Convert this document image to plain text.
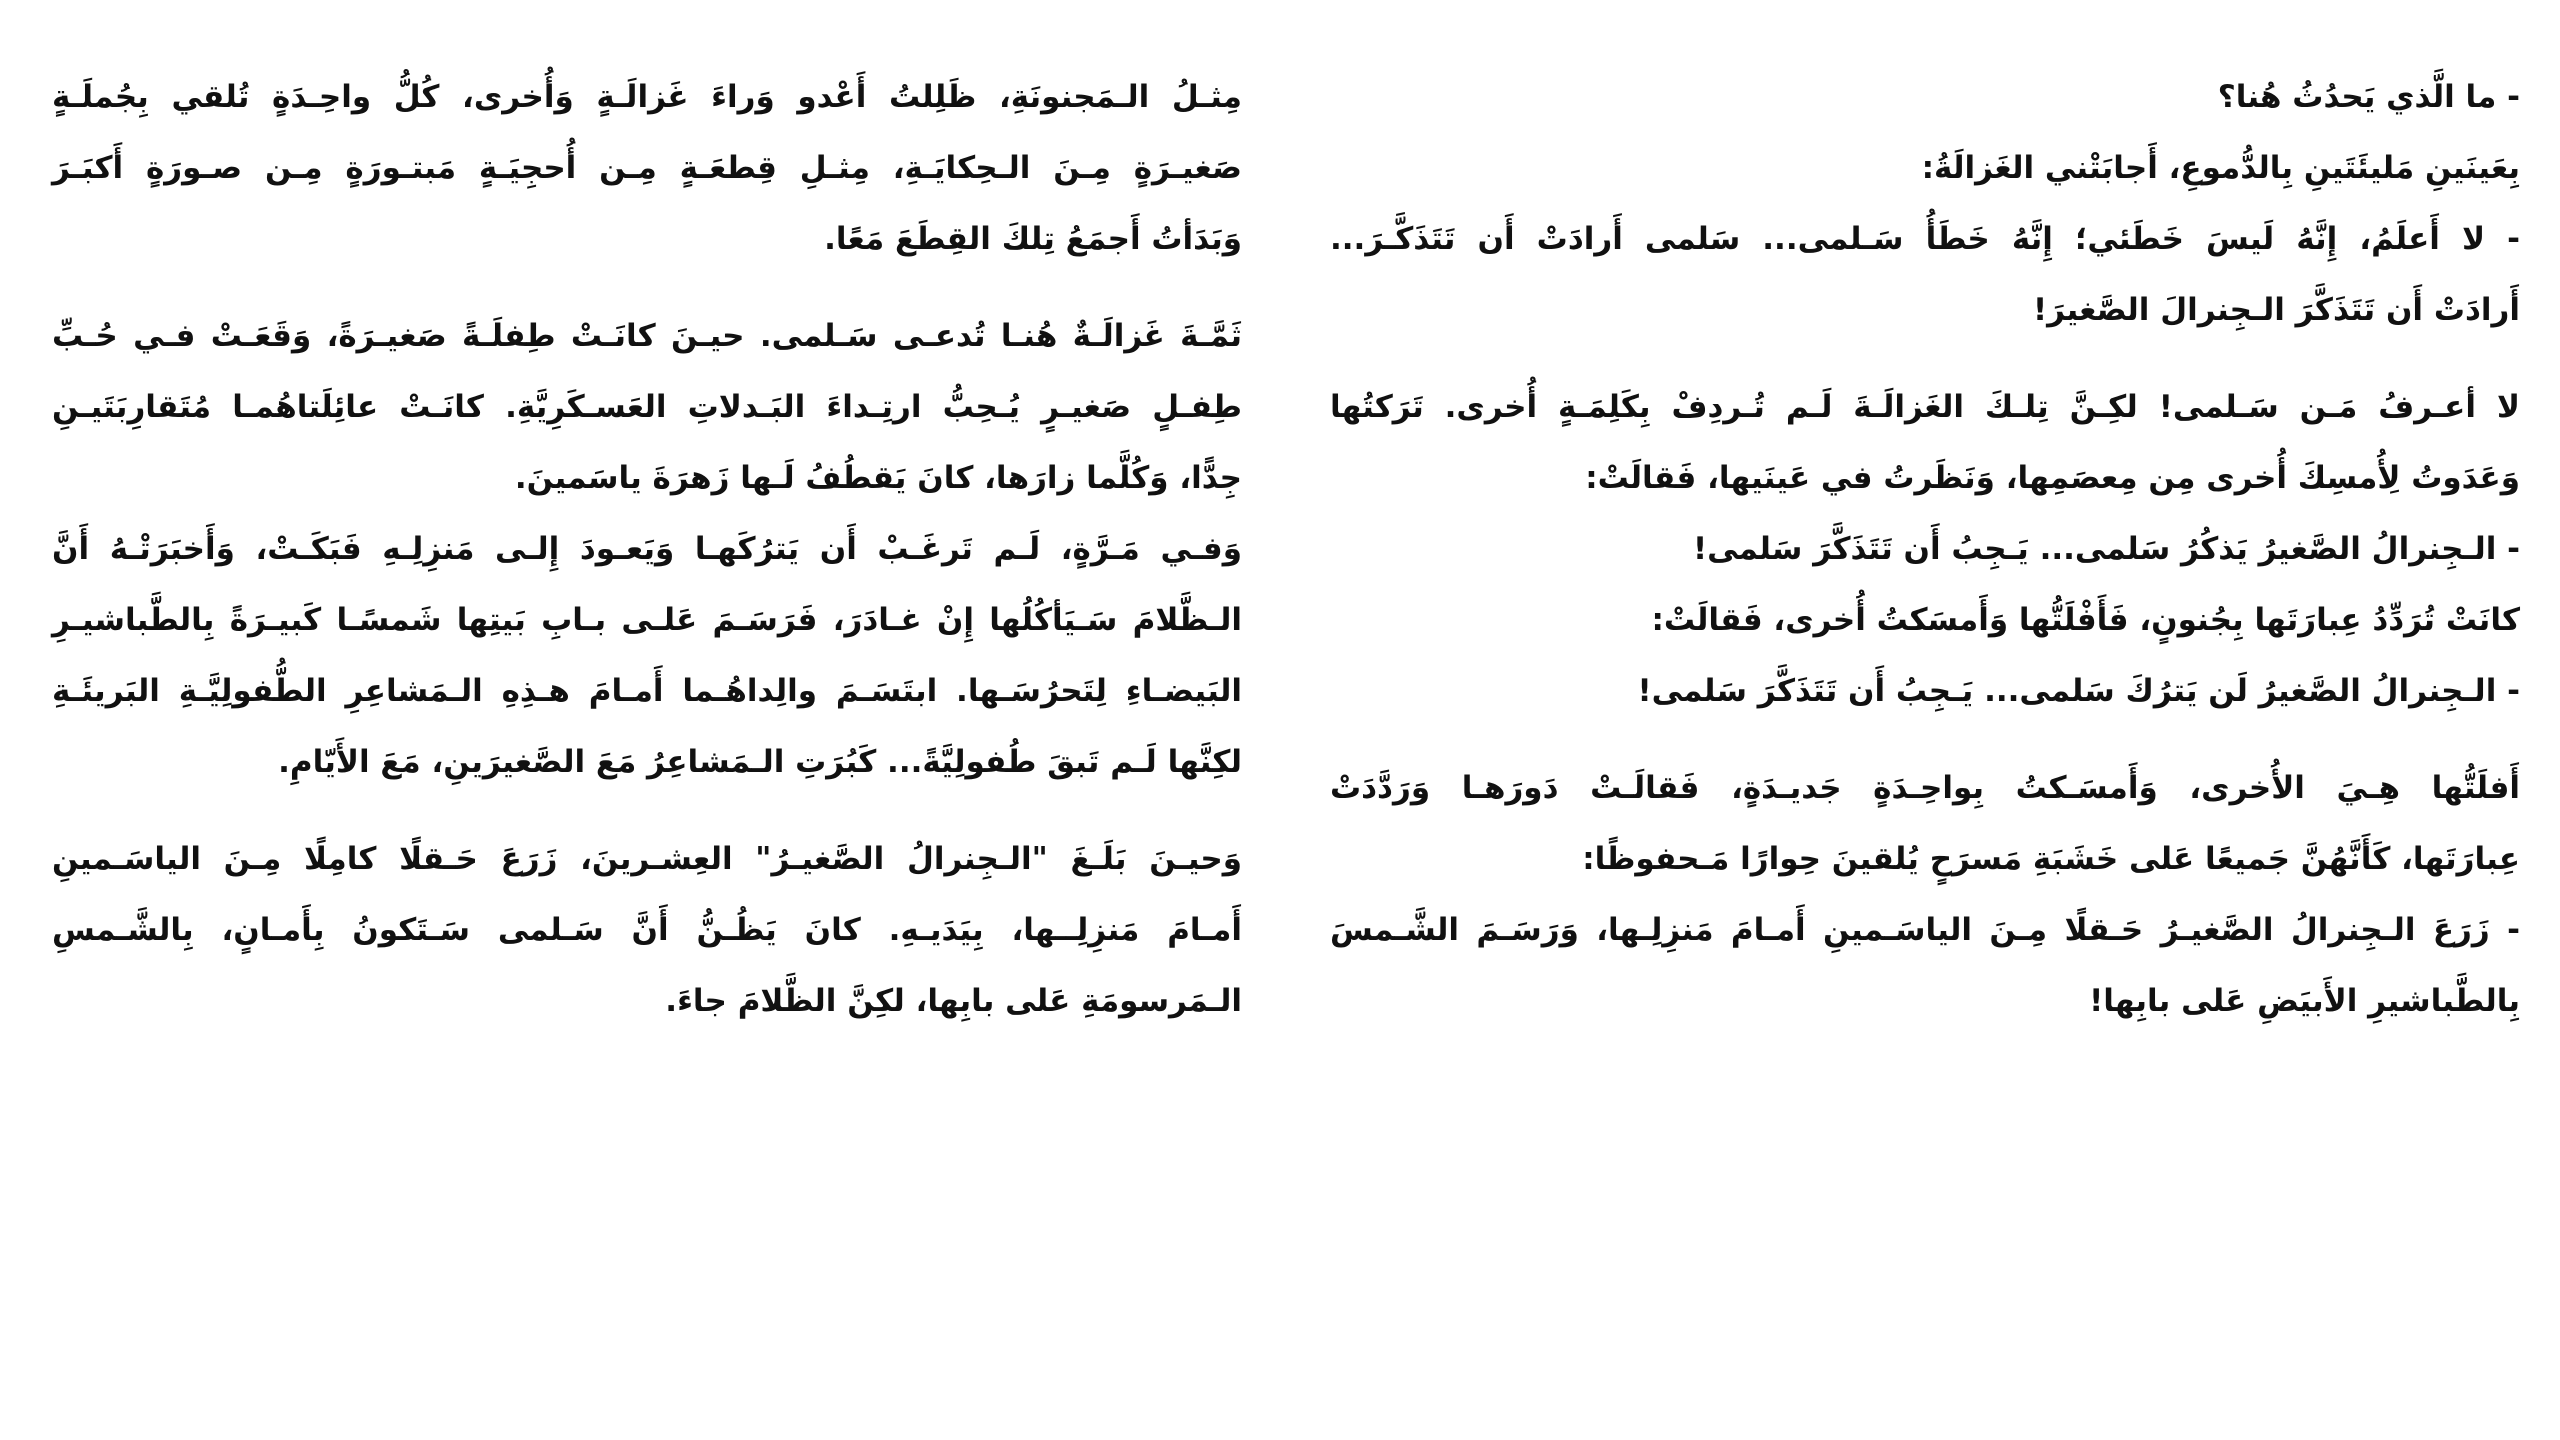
- ما الَّذي يَحدُثُ هُنا؟

بِعَينَينِ مَليئَتَينِ بِالدُّموعِ، أَجابَتْني الغَزالَةُ:

- لا أَعلَمُ، إِنَّهُ لَيسَ خَطَئي؛ إِنَّهُ خَطَأُ سَـلمى... سَلمى أَرادَتْ أَن تَتَذَكَّـرَ...
أَرادَتْ أَن تَتَذَكَّرَ الـجِنرالَ الصَّغيرَ!

لا أعـرفُ مَـن سَـلمى! لكِـنَّ تِلـكَ الغَزالَـةَ لَـم تُـردِفْ بِكَلِمَـةٍ أُخرى. تَرَكتُها
وَعَدَوتُ لِأُمسِكَ أُخرى مِن مِعصَمِها، وَنَظَرتُ في عَينَيها، فَقالَتْ:

- الـجِنرالُ الصَّغيرُ يَذكُرُ سَلمى... يَـجِبُ أَن تَتَذَكَّرَ سَلمى!

كانَتْ تُرَدِّدُ عِبارَتَها بِجُنونٍ، فَأَفْلَتُّها وَأَمسَكتُ أُخرى، فَقالَتْ:

- الـجِنرالُ الصَّغيرُ لَن يَترُكَ سَلمى... يَـجِبُ أَن تَتَذَكَّرَ سَلمى!

أَفلَتُّها هِـيَ الأُخرى، وَأَمسَـكتُ بِواحِـدَةٍ جَديـدَةٍ، فَقالَـتْ دَورَهـا وَرَدَّدَتْ
عِبارَتَها، كَأَنَّهُنَّ جَميعًا عَلى خَشَبَةِ مَسرَحٍ يُلقينَ حِوارًا مَـحفوظًا:

- زَرَعَ الـجِنرالُ الصَّغيـرُ حَـقلًا مِـنَ الياسَـمينِ أَمـامَ مَنزِلِـها، وَرَسَـمَ الشَّـمسَ
بِالطَّباشيرِ الأَبيَضِ عَلى بابِها!

مِثـلُ الـمَجنونَةِ، ظَلِلتُ أَعْدو وَراءَ غَزالَـةٍ وَأُخرى، كُلُّ واحِـدَةٍ تُلقي بِجُملَـةٍ
صَغيـرَةٍ مِـنَ الـحِكايَـةِ، مِثـلِ قِطعَـةٍ مِـن أُحجِيَـةٍ مَبتـورَةٍ مِـن صـورَةٍ أَكبَـرَ
وَبَدَأتُ أَجمَعُ تِلكَ القِطَعَ مَعًا.

ثَمَّـةَ غَزالَـةٌ هُنـا تُدعـى سَـلمى. حيـنَ كانَـتْ طِفلَـةً صَغيـرَةً، وَقَعَـتْ فـي حُـبِّ
طِفـلٍ صَغيـرٍ يُـحِبُّ ارتِـداءَ البَـدلاتِ العَسـكَرِيَّةِ. كانَـتْ عائِلَتاهُمـا مُتَقارِبَتَيـنِ
جِدًّا، وَكُلَّما زارَها، كانَ يَقطُفُ لَـها زَهرَةَ ياسَمينَ.

وَفـي مَـرَّةٍ، لَـم تَرغَـبْ أَن يَترُكَهـا وَيَعـودَ إِلـى مَنزِلِـهِ فَبَكَـتْ، وَأَخبَرَتْـهُ أَنَّ
الـظَّلامَ سَـيَأكُلُها إِنْ غـادَرَ، فَرَسَـمَ عَلـى بـابِ بَيتِها شَمسًـا كَبيـرَةً بِالطَّباشيـرِ
البَيضـاءِ لِتَحرُسَـها. ابتَسَـمَ والِداهُـما أَمـامَ هـذِهِ الـمَشاعِرِ الطُّفولِيَّـةِ البَريئَـةِ
لكِنَّها لَـم تَبقَ طُفولِيَّةً... كَبُرَتِ الـمَشاعِرُ مَعَ الصَّغيرَينِ، مَعَ الأَيّامِ.

وَحيـنَ بَلَـغَ "الـجِنرالُ الصَّغيـرُ" العِشـرينَ، زَرَعَ حَـقلًا كامِلًا مِـنَ الياسَـمينِ
أَمـامَ مَنزِلِــها، بِيَدَيـهِ. كانَ يَظُـنُّ أَنَّ سَـلمى سَـتَكونُ بِأَمـانٍ، بِالشَّـمسِ
الـمَرسومَةِ عَلى بابِها، لكِنَّ الظَّلامَ جاءَ.
